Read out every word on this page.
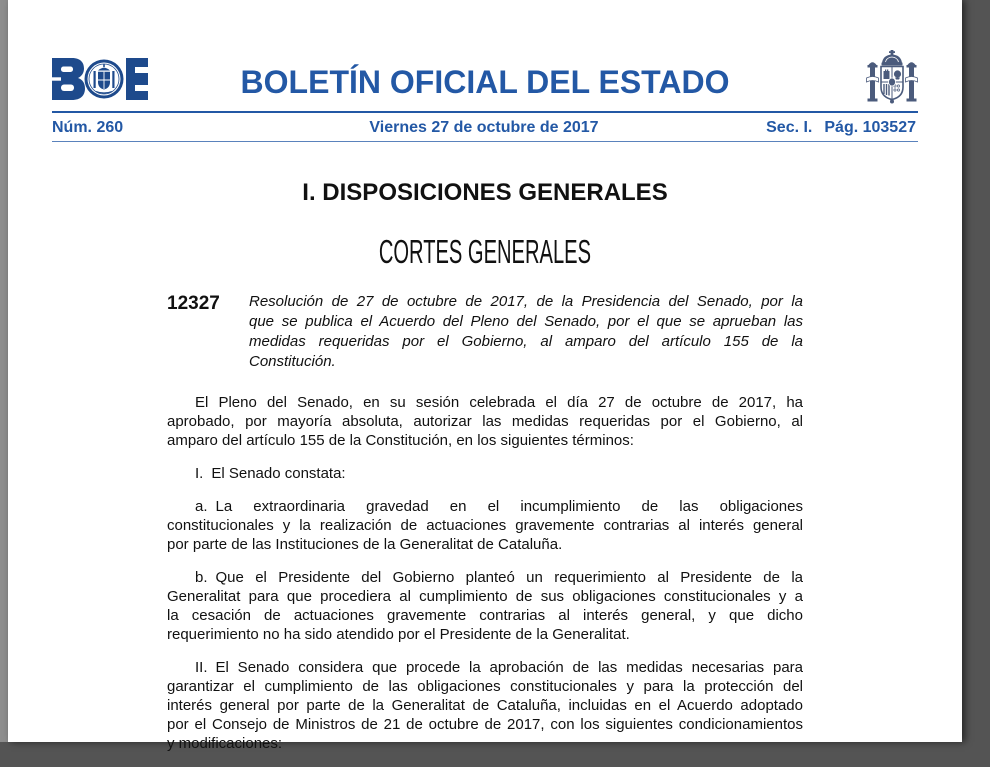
BOLETÍN OFICIAL DEL ESTADO
Núm. 260	Viernes 27 de octubre de 2017	Sec. I. Pág. 103527
I. DISPOSICIONES GENERALES
CORTES GENERALES
12327 Resolución de 27 de octubre de 2017, de la Presidencia del Senado, por la
que se publica el Acuerdo del Pleno del Senado, por el que se aprueban las
medidas requeridas por el Gobierno, al amparo del artículo 155 de la
Constitución.
El Pleno del Senado, en su sesión celebrada el día 27 de octubre de 2017, ha
aprobado, por mayoría absoluta, autorizar las medidas requeridas por el Gobierno, al
amparo del artículo 155 de la Constitución, en los siguientes términos:
I. El Senado constata:
a. La extraordinaria gravedad en el incumplimiento de las obligaciones
constitucionales y la realización de actuaciones gravemente contrarias al interés general
por parte de las Instituciones de la Generalitat de Cataluña.
b. Que el Presidente del Gobierno planteó un requerimiento al Presidente de la
Generalitat para que procediera al cumplimiento de sus obligaciones constitucionales y a
la cesación de actuaciones gravemente contrarias al interés general, y que dicho
requerimiento no ha sido atendido por el Presidente de la Generalitat.
II. El Senado considera que procede la aprobación de las medidas necesarias para
garantizar el cumplimiento de las obligaciones constitucionales y para la protección del
interés general por parte de la Generalitat de Cataluña, incluidas en el Acuerdo adoptado
por el Consejo de Ministros de 21 de octubre de 2017, con los siguientes condicionamientos
y modificaciones:
